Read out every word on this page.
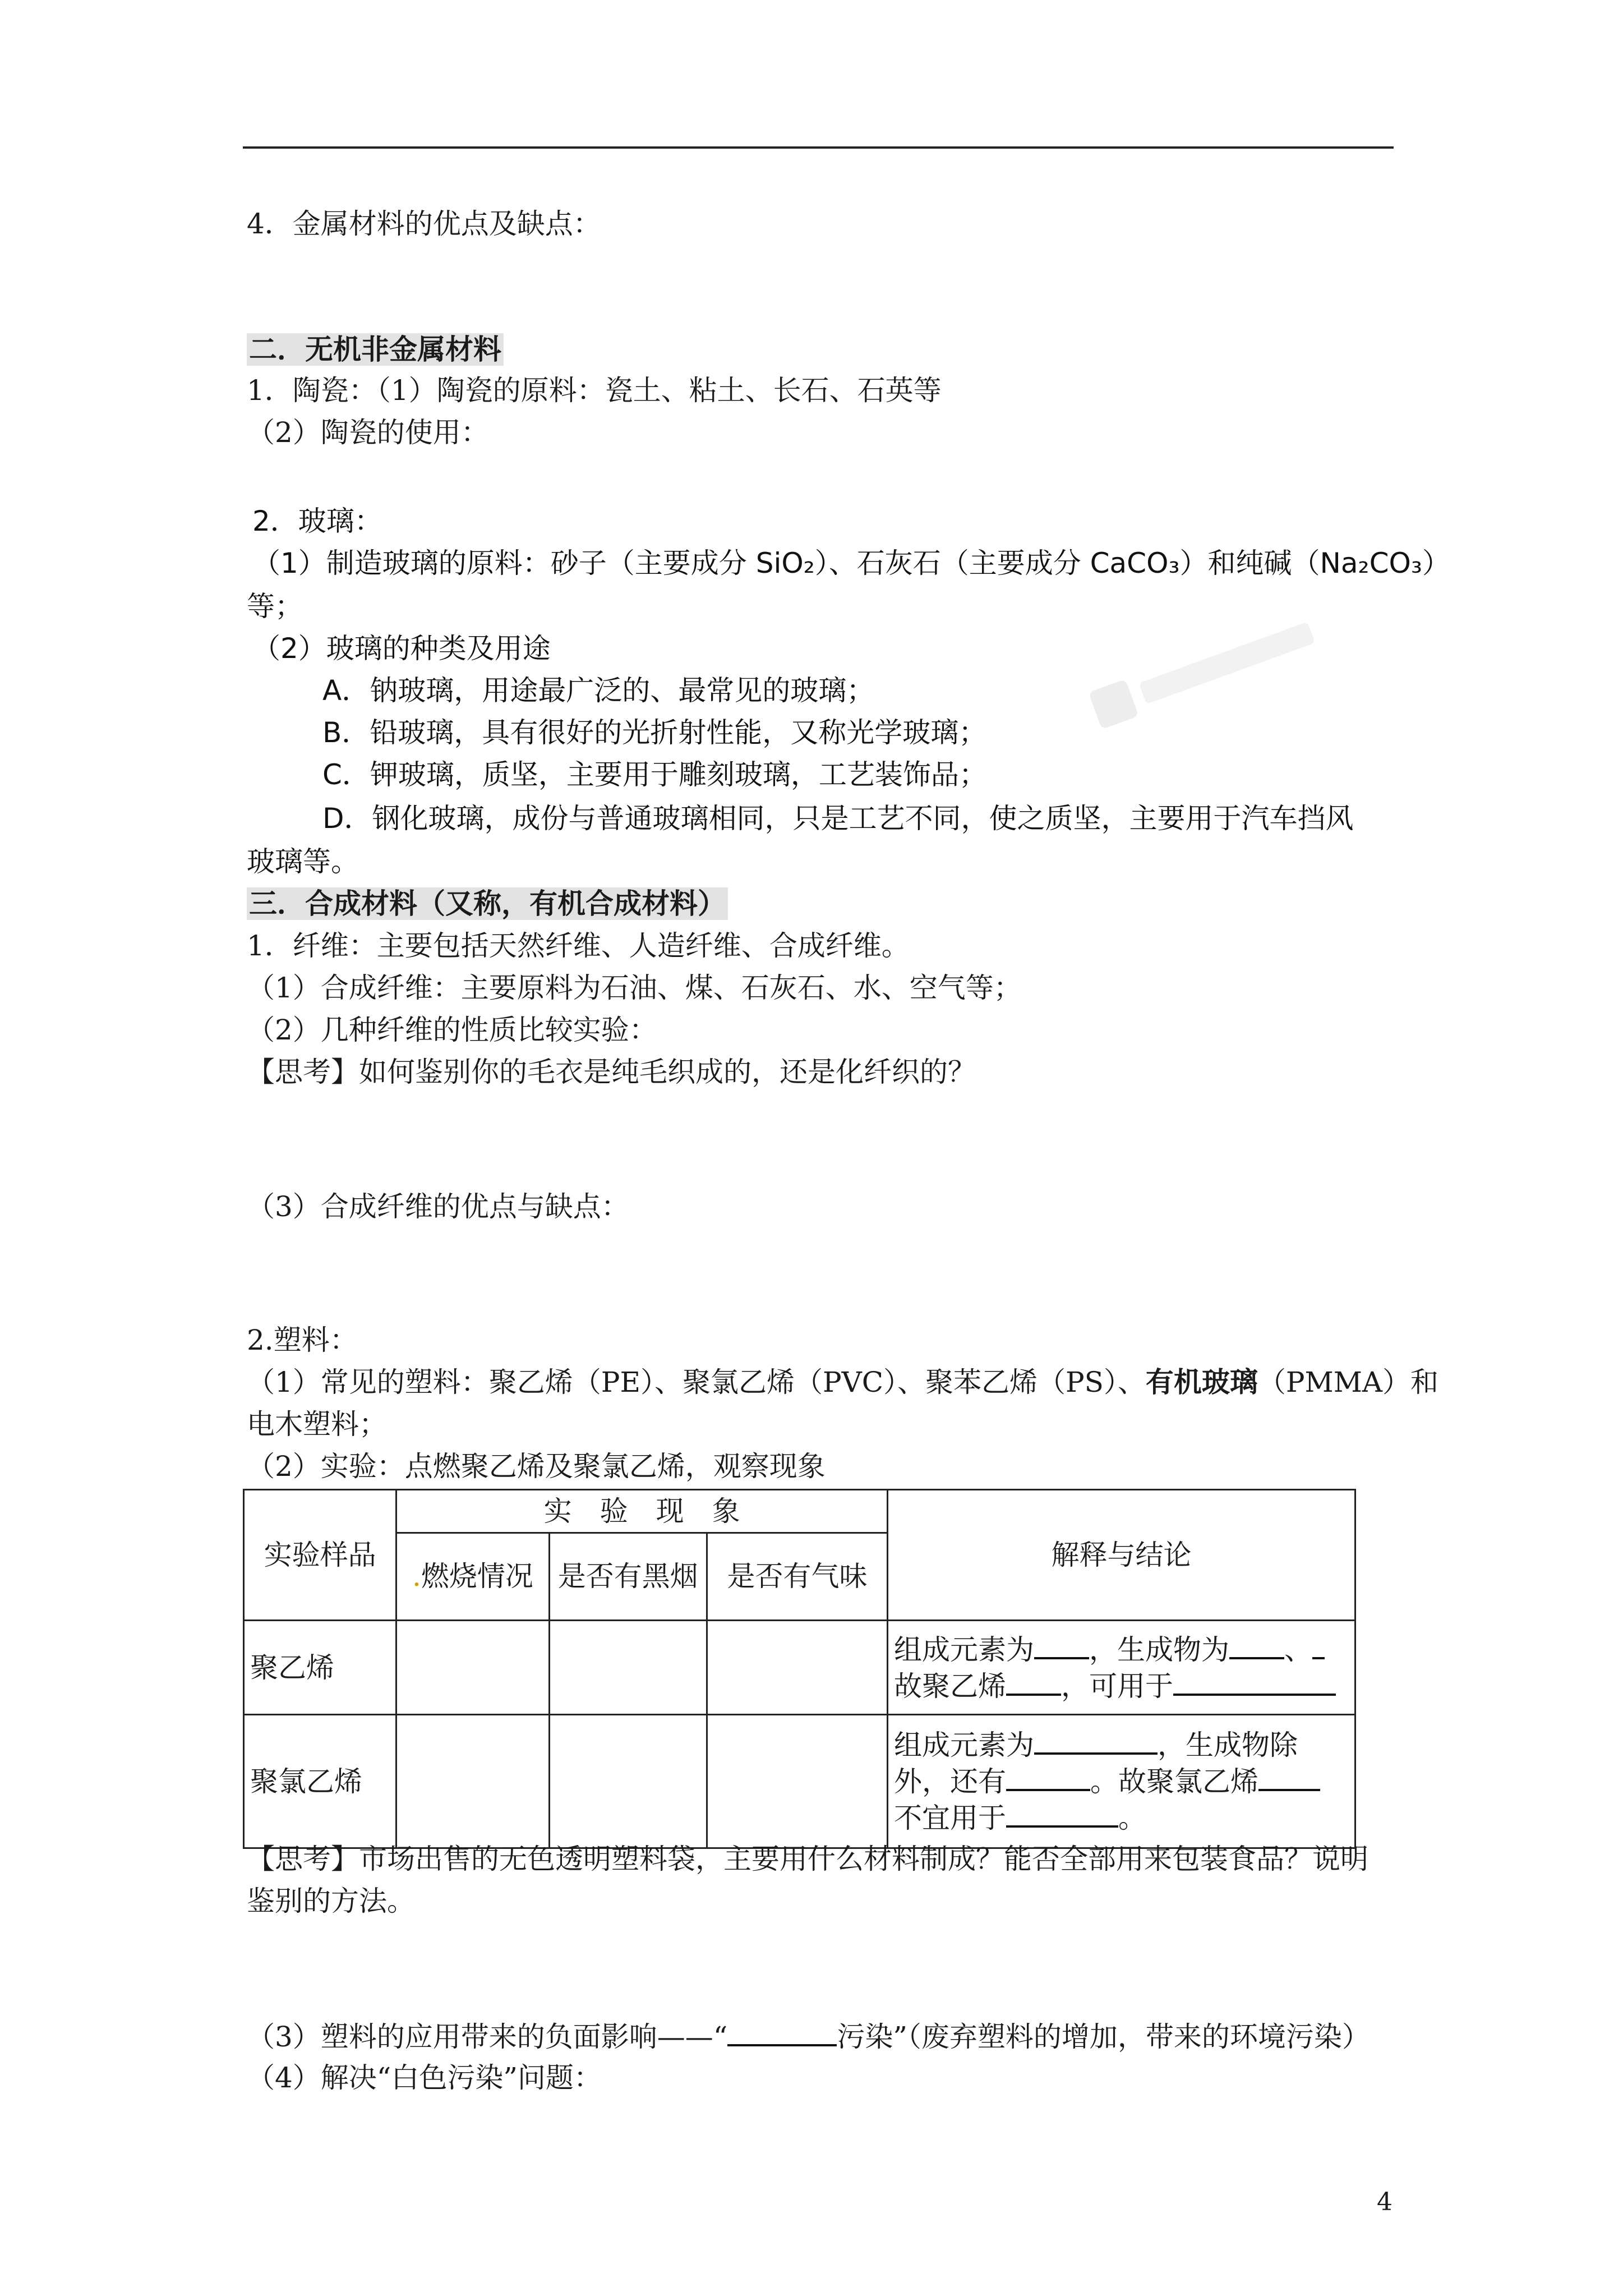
4．金属材料的优点及缺点：
二．无机非金属材料
1．陶瓷：（1）陶瓷的原料：瓷土、粘土、长石、石英等
（2）陶瓷的使用：
2．玻璃：
（1）制造玻璃的原料：砂子（主要成分 SiO₂）、石灰石（主要成分 CaCO₃）和纯碱（Na₂CO₃）
等；
（2）玻璃的种类及用途
A．钠玻璃，用途最广泛的、最常见的玻璃；
B．铅玻璃，具有很好的光折射性能，又称光学玻璃；
C．钾玻璃，质坚，主要用于雕刻玻璃，工艺装饰品；
D．钢化玻璃，成份与普通玻璃相同，只是工艺不同，使之质坚，主要用于汽车挡风
玻璃等。
三．合成材料（又称，有机合成材料）
1．纤维：主要包括天然纤维、人造纤维、合成纤维。
（1）合成纤维：主要原料为石油、煤、石灰石、水、空气等；
（2）几种纤维的性质比较实验：
【思考】如何鉴别你的毛衣是纯毛织成的，还是化纤织的？
（3）合成纤维的优点与缺点：
2.塑料：
（1）常见的塑料：聚乙烯（PE）、聚氯乙烯（PVC）、聚苯乙烯（PS）、有机玻璃（PMMA）和
电木塑料；
（2）实验：点燃聚乙烯及聚氯乙烯，观察现象
实验样品	实　验　现　象			解释与结论
	.燃烧情况	是否有黑烟	是否有气味	
聚乙烯				组成元素为 ，生成物为 、
故聚乙烯 ，可用于

聚氯乙烯				组成元素为 ，生成物除
外，还有 。故聚氯乙烯
不宜用于 。
【思考】市场出售的无色透明塑料袋，主要用什么材料制成？能否全部用来包装食品？说明
鉴别的方法。
（3）塑料的应用带来的负面影响——“	污染”（废弃塑料的增加，带来的环境污染）
（4）解决“白色污染”问题：
4
